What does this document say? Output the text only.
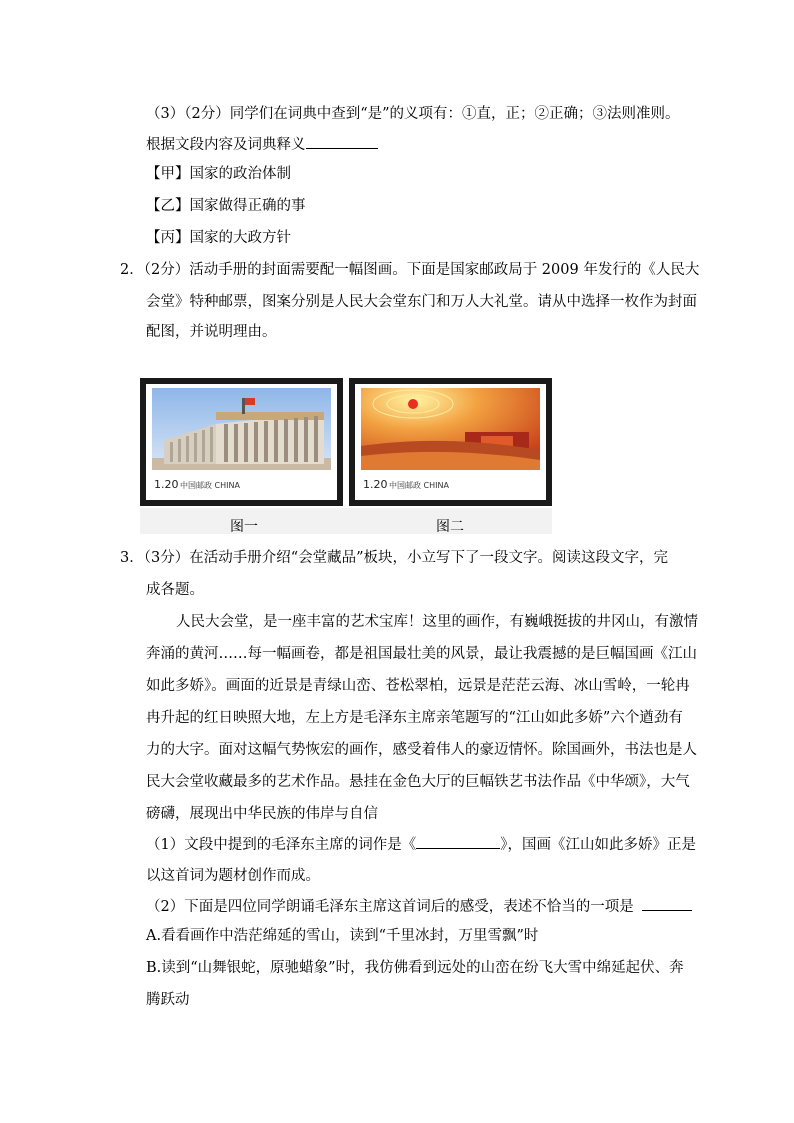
（3）（2分）同学们在词典中查到“是”的义项有：①直，正；②正确；③法则准则。
根据文段内容及词典释义
【甲】国家的政治体制
【乙】国家做得正确的事
【丙】国家的大政方针
2．（2分）活动手册的封面需要配一幅图画。下面是国家邮政局于 2009 年发行的《人民大
会堂》特种邮票，图案分别是人民大会堂东门和万人大礼堂。请从中选择一枚作为封面
配图，并说明理由。
1.20 中国邮政 CHINA	1.20 中国邮政 CHINA
图一	图二
3．（3分）在活动手册介绍“会堂藏品”板块，小立写下了一段文字。阅读这段文字，完
成各题。
人民大会堂，是一座丰富的艺术宝库！这里的画作，有巍峨挺拔的井冈山，有激情
奔涌的黄河……每一幅画卷，都是祖国最壮美的风景，最让我震撼的是巨幅国画《江山
如此多娇》。画面的近景是青绿山峦、苍松翠柏，远景是茫茫云海、冰山雪岭，一轮冉
冉升起的红日映照大地，左上方是毛泽东主席亲笔题写的“江山如此多娇”六个遒劲有
力的大字。面对这幅气势恢宏的画作，感受着伟人的豪迈情怀。除国画外，书法也是人
民大会堂收藏最多的艺术作品。悬挂在金色大厅的巨幅铁艺书法作品《中华颂》，大气
磅礴，展现出中华民族的伟岸与自信
（1）文段中提到的毛泽东主席的词作是《	》，国画《江山如此多娇》正是
以这首词为题材创作而成。
（2）下面是四位同学朗诵毛泽东主席这首词后的感受，表述不恰当的一项是
A.看看画作中浩茫绵延的雪山，读到“千里冰封，万里雪飘”时
B.读到“山舞银蛇，原驰蜡象”时，我仿佛看到远处的山峦在纷飞大雪中绵延起伏、奔
腾跃动
